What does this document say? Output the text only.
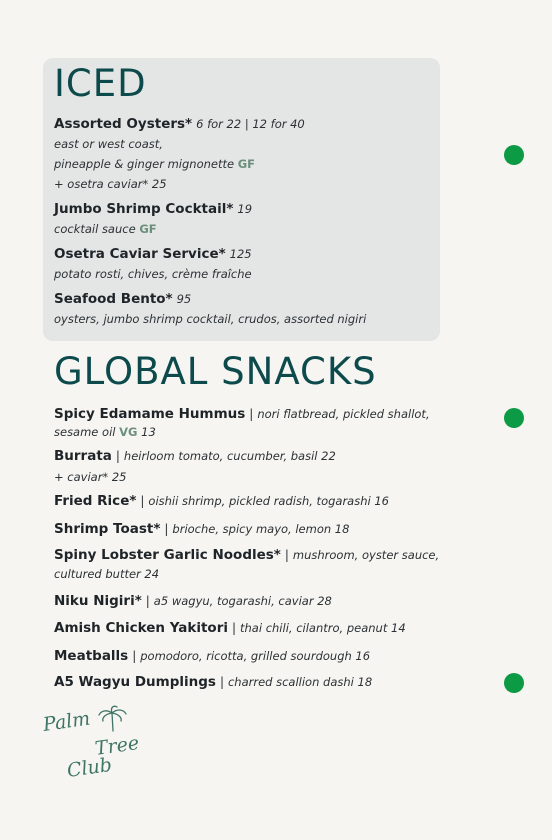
ICED
Assorted Oysters* 6 for 22 | 12 for 40
east or west coast,
pineapple & ginger mignonette GF
+ osetra caviar* 25
Jumbo Shrimp Cocktail* 19
cocktail sauce GF
Osetra Caviar Service* 125
potato rosti, chives, crème fraîche
Seafood Bento* 95
oysters, jumbo shrimp cocktail, crudos, assorted nigiri
GLOBAL SNACKS
Spicy Edamame Hummus | nori flatbread, pickled shallot,
sesame oil VG 13
Burrata | heirloom tomato, cucumber, basil 22
+ caviar* 25
Fried Rice* | oishii shrimp, pickled radish, togarashi 16
Shrimp Toast* | brioche, spicy mayo, lemon 18
Spiny Lobster Garlic Noodles* | mushroom, oyster sauce,
cultured butter 24
Niku Nigiri* | a5 wagyu, togarashi, caviar 28
Amish Chicken Yakitori | thai chili, cilantro, peanut 14
Meatballs | pomodoro, ricotta, grilled sourdough 16
A5 Wagyu Dumplings | charred scallion dashi 18
Palm
Tree
Club
